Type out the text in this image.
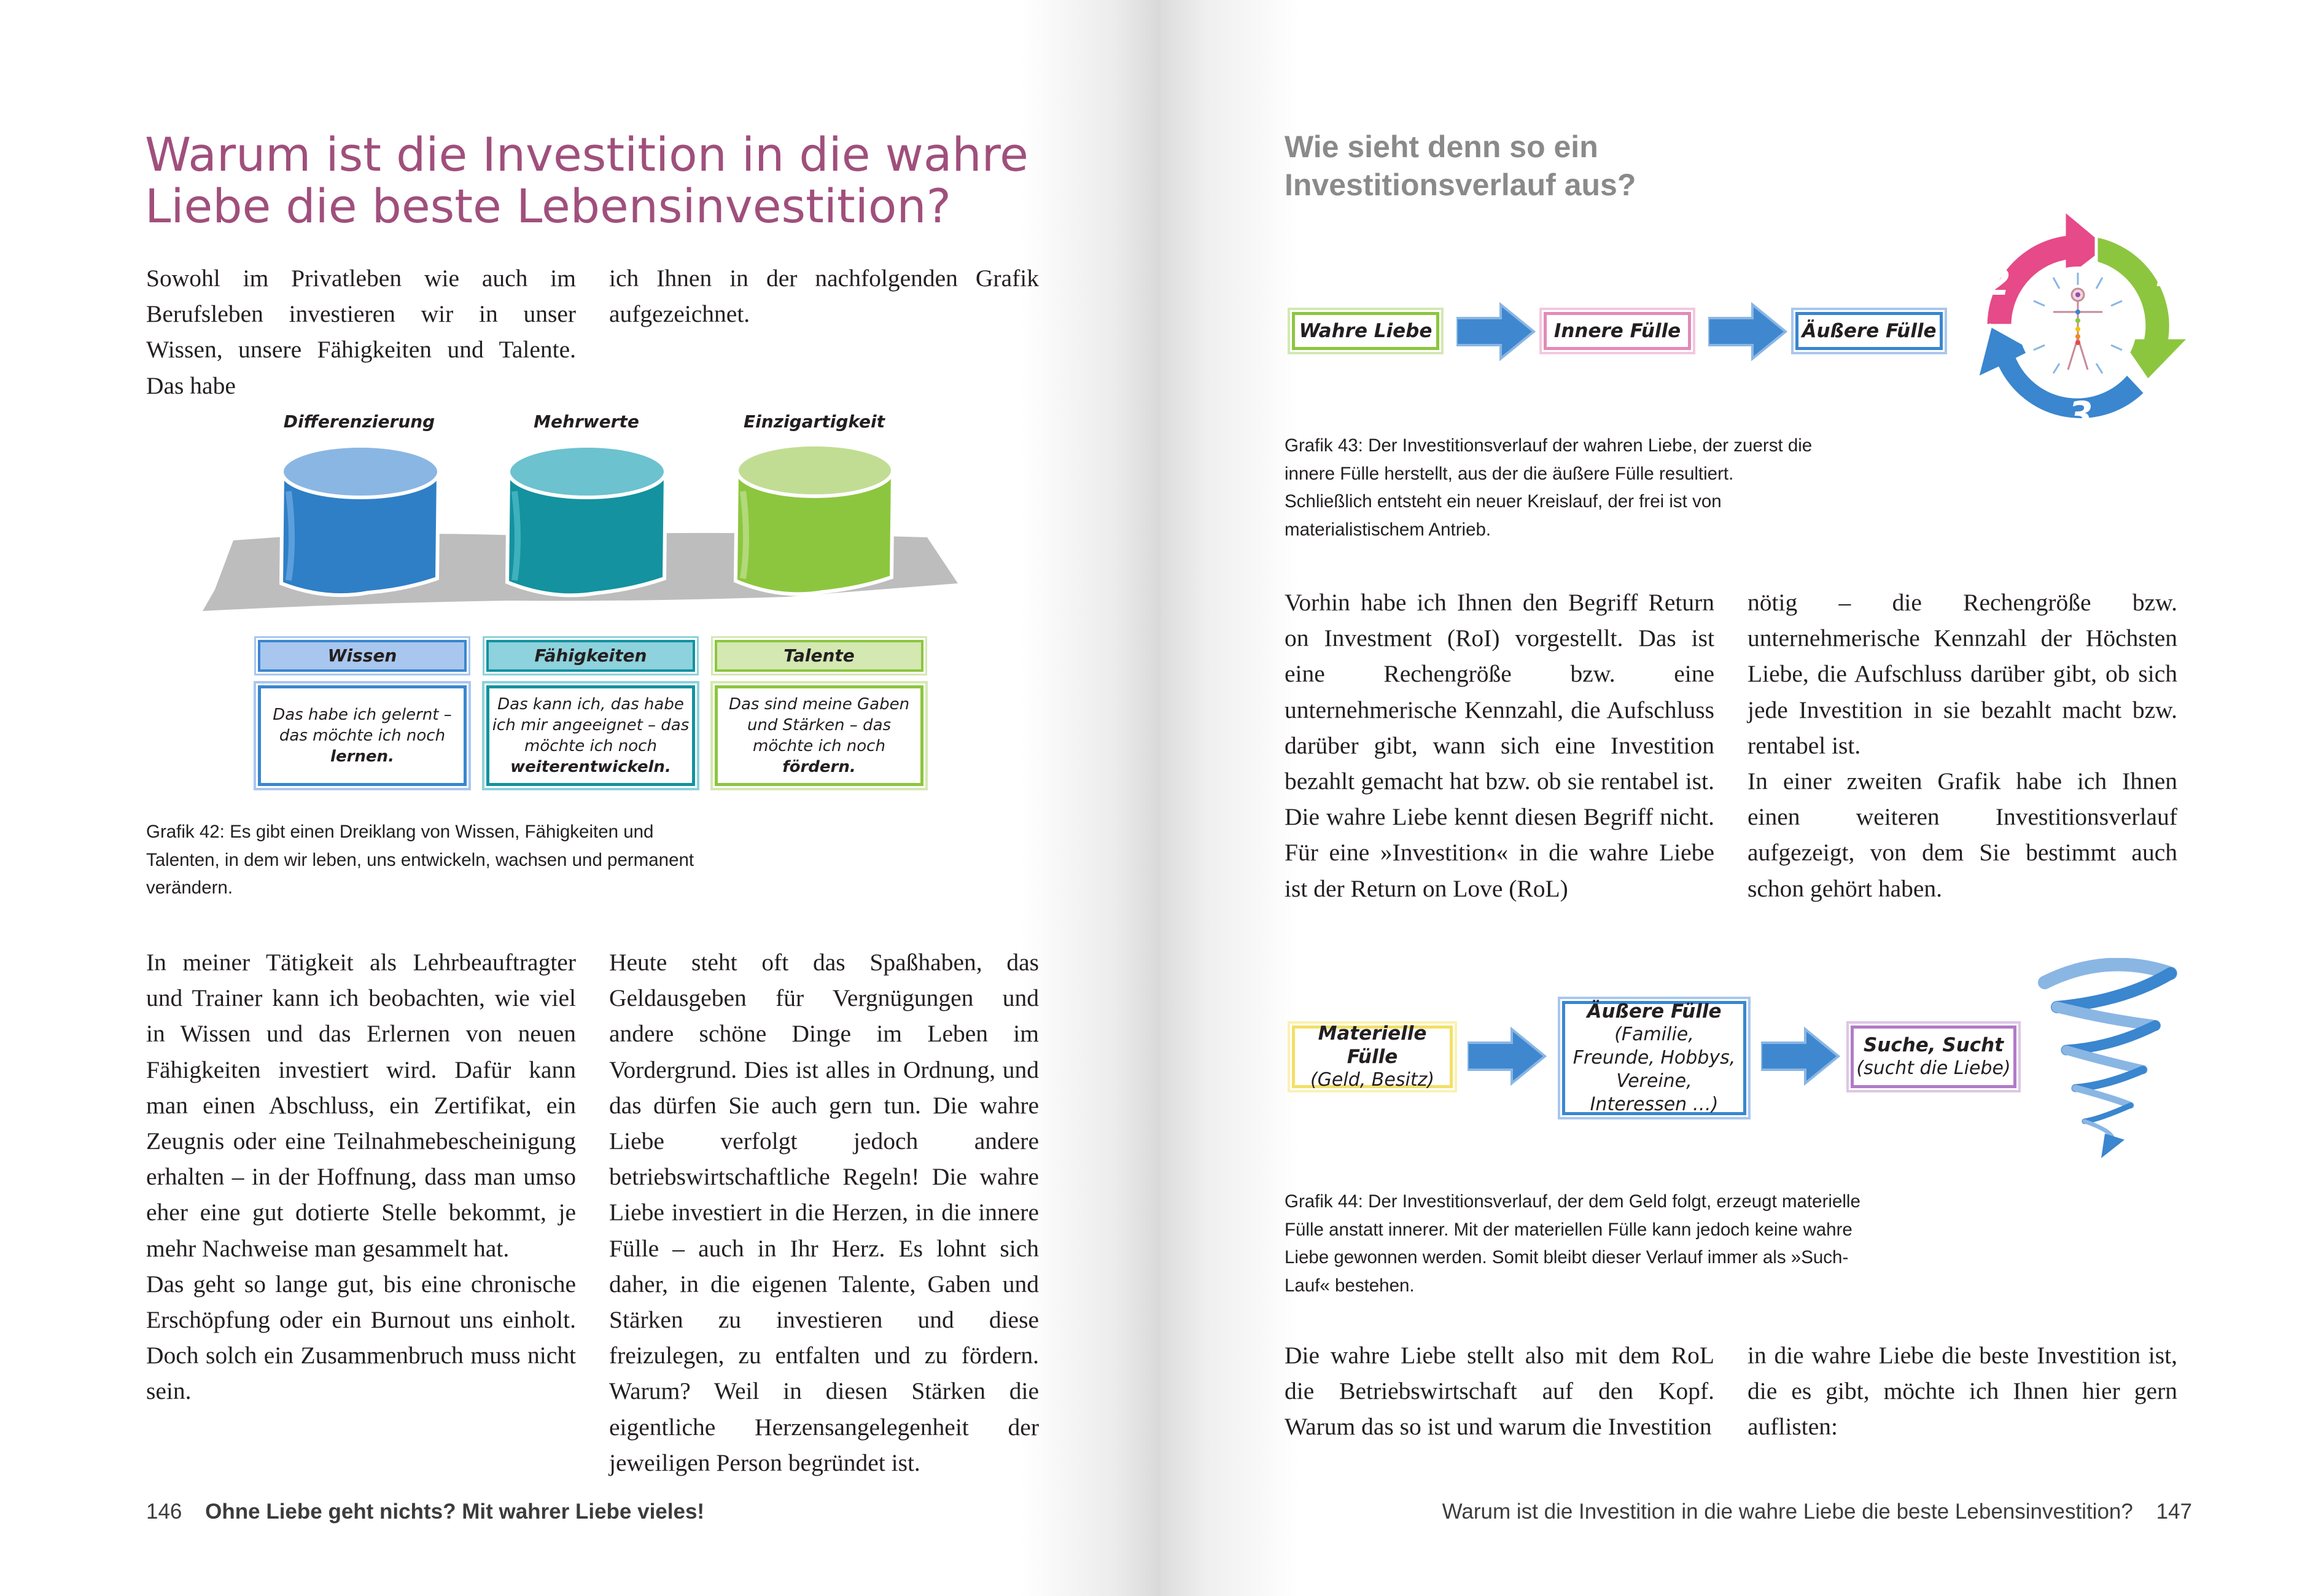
Warum ist die Investition in die wahre
Liebe die beste Lebensinvestition?

Sowohl im Privatleben wie auch im Berufsleben investieren wir in unser Wissen, unsere Fähigkeiten und Talente. Das habe

ich Ihnen in der nachfolgenden Grafik aufgezeichnet.

Differenzierung	Mehrwerte	Einzigartigkeit
Wissen	Fähigkeiten	Talente
Das habe ich gelernt – das möchte ich noch
lernen.
Das kann ich, das habe ich mir angeeignet – das möchte ich noch
weiterentwickeln.
Das sind meine Gaben und Stärken – das möchte ich noch
fördern.
Grafik 42: Es gibt einen Dreiklang von Wissen, Fähigkeiten und Talenten, in dem wir leben, uns entwickeln, wachsen und permanent verändern.

In meiner Tätigkeit als Lehrbeauftragter und Trainer kann ich beobachten, wie viel in Wissen und das Erlernen von neuen Fähigkeiten investiert wird. Dafür kann man einen Abschluss, ein Zertifikat, ein Zeugnis oder eine Teilnahmebescheinigung erhalten – in der Hoffnung, dass man umso eher eine gut dotierte Stelle bekommt, je mehr Nachweise man gesammelt hat.

Das geht so lange gut, bis eine chronische Erschöpfung oder ein Burnout uns einholt. Doch solch ein Zusammenbruch muss nicht sein.

Heute steht oft das Spaßhaben, das Geldausgeben für Vergnügungen und andere schöne Dinge im Leben im Vordergrund. Dies ist alles in Ordnung, und das dürfen Sie auch gern tun. Die wahre Liebe verfolgt jedoch andere betriebswirtschaftliche Regeln! Die wahre Liebe investiert in die Herzen, in die innere Fülle – auch in Ihr Herz. Es lohnt sich daher, in die eigenen Talente, Gaben und Stärken zu investieren und diese freizulegen, zu entfalten und zu fördern. Warum? Weil in diesen Stärken die eigentliche Herzensangelegenheit der jeweiligen Person begründet ist.

146 Ohne Liebe geht nichts? Mit wahrer Liebe vieles!
Wie sieht denn so ein
Investitionsverlauf aus?
Wahre Liebe	Innere Fülle	Äußere Fülle
1
2
3
Grafik 43: Der Investitionsverlauf der wahren Liebe, der zuerst die innere Fülle herstellt, aus der die äußere Fülle resultiert. Schließlich entsteht ein neuer Kreislauf, der frei ist von materialistischem Antrieb.

Vorhin habe ich Ihnen den Begriff Return on Investment (RoI) vorgestellt. Das ist eine Rechengröße bzw. eine unternehmerische Kennzahl, die Aufschluss darüber gibt, wann sich eine Investition bezahlt gemacht hat bzw. ob sie rentabel ist. Die wahre Liebe kennt diesen Begriff nicht. Für eine »Investition« in die wahre Liebe ist der Return on Love (RoL)

nötig – die Rechengröße bzw. unternehmerische Kennzahl der Höchsten Liebe, die Aufschluss darüber gibt, ob sich jede Investition in sie bezahlt macht bzw. rentabel ist.

In einer zweiten Grafik habe ich Ihnen einen weiteren Investitionsverlauf aufgezeigt, von dem Sie bestimmt auch schon gehört haben.

Materielle Fülle
(Geld, Besitz)
Äußere Fülle
(Familie, Freunde, Hobbys, Vereine, Interessen …)
Suche, Sucht
(sucht die Liebe)
Grafik 44: Der Investitionsverlauf, der dem Geld folgt, erzeugt materielle Fülle anstatt innerer. Mit der materiellen Fülle kann jedoch keine wahre Liebe gewonnen werden. Somit bleibt dieser Verlauf immer als »Such-Lauf« bestehen.

Die wahre Liebe stellt also mit dem RoL die Betriebswirtschaft auf den Kopf. Warum das so ist und warum die Investition

in die wahre Liebe die beste Investition ist, die es gibt, möchte ich Ihnen hier gern auflisten:

Warum ist die Investition in die wahre Liebe die beste Lebensinvestition? 147
